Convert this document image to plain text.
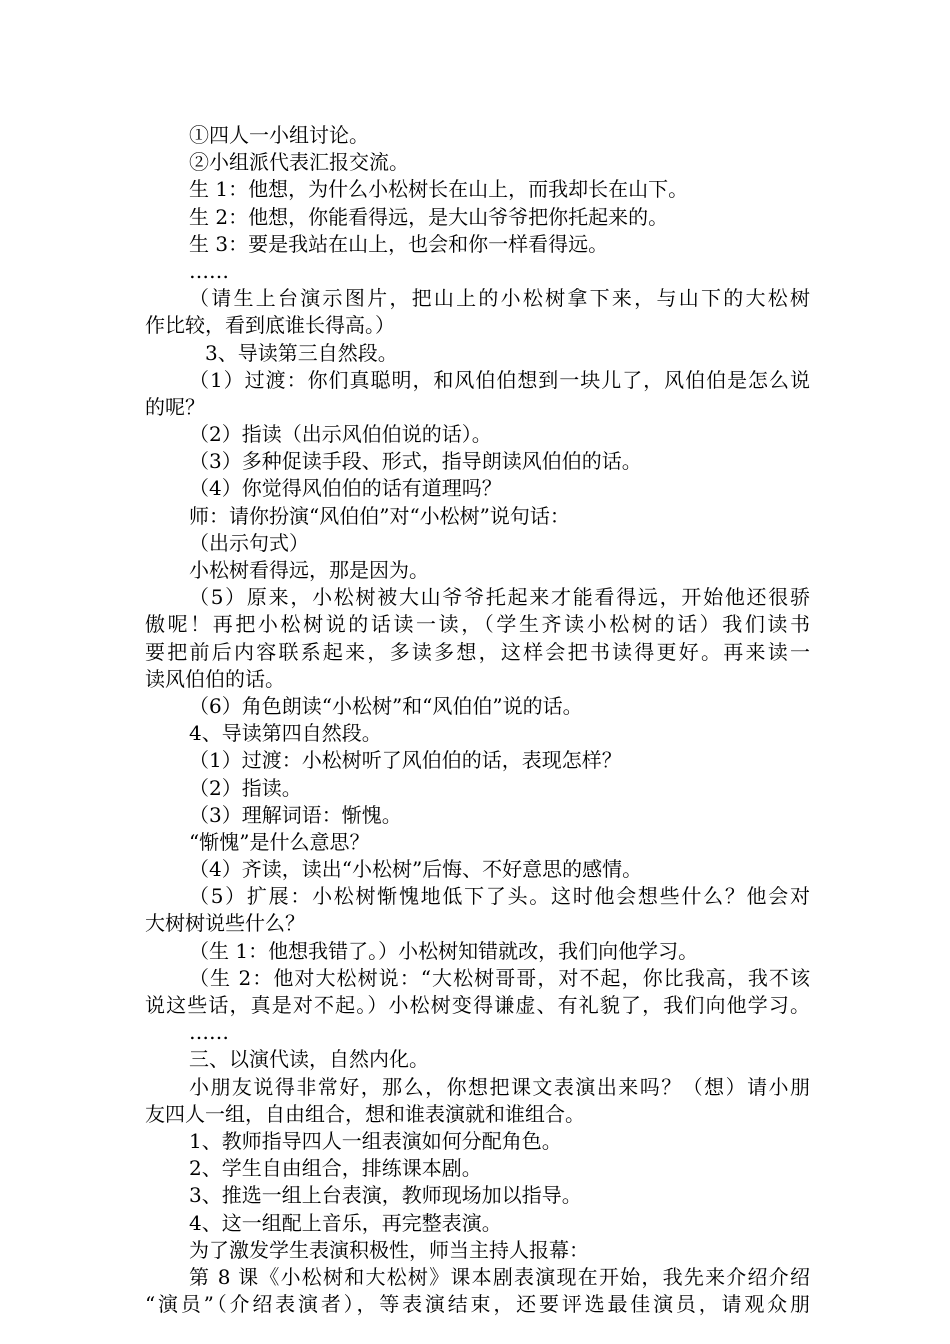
①四人一小组讨论。
②小组派代表汇报交流。
生 1：他想，为什么小松树长在山上，而我却长在山下。
生 2：他想，你能看得远，是大山爷爷把你托起来的。
生 3：要是我站在山上，也会和你一样看得远。
……
（请生上台演示图片，把山上的小松树拿下来，与山下的大松树
作比较，看到底谁长得高。）
3、导读第三自然段。
（1）过渡：你们真聪明，和风伯伯想到一块儿了，风伯伯是怎么说
的呢？
（2）指读（出示风伯伯说的话）。
（3）多种促读手段、形式，指导朗读风伯伯的话。
（4）你觉得风伯伯的话有道理吗？
师：请你扮演“风伯伯”对“小松树”说句话：
（出示句式）
小松树看得远，那是因为。
（5）原来，小松树被大山爷爷托起来才能看得远，开始他还很骄
傲呢！再把小松树说的话读一读，（学生齐读小松树的话）我们读书
要把前后内容联系起来，多读多想，这样会把书读得更好。再来读一
读风伯伯的话。
（6）角色朗读“小松树”和“风伯伯”说的话。
4、导读第四自然段。
（1）过渡：小松树听了风伯伯的话，表现怎样？
（2）指读。
（3）理解词语：惭愧。
“惭愧”是什么意思？
（4）齐读，读出“小松树”后悔、不好意思的感情。
（5）扩展：小松树惭愧地低下了头。这时他会想些什么？他会对
大树树说些什么？
（生 1：他想我错了。）小松树知错就改，我们向他学习。
（生 2：他对大松树说：“大松树哥哥，对不起，你比我高，我不该
说这些话，真是对不起。）小松树变得谦虚、有礼貌了，我们向他学习。
……
三、以演代读，自然内化。
小朋友说得非常好，那么，你想把课文表演出来吗？（想）请小朋
友四人一组，自由组合，想和谁表演就和谁组合。
1、教师指导四人一组表演如何分配角色。
2、学生自由组合，排练课本剧。
3、推选一组上台表演，教师现场加以指导。
4、这一组配上音乐，再完整表演。
为了激发学生表演积极性，师当主持人报幕：
第 8 课《小松树和大松树》课本剧表演现在开始，我先来介绍介绍
“演员”（介绍表演者），等表演结束，还要评选最佳演员，请观众朋
